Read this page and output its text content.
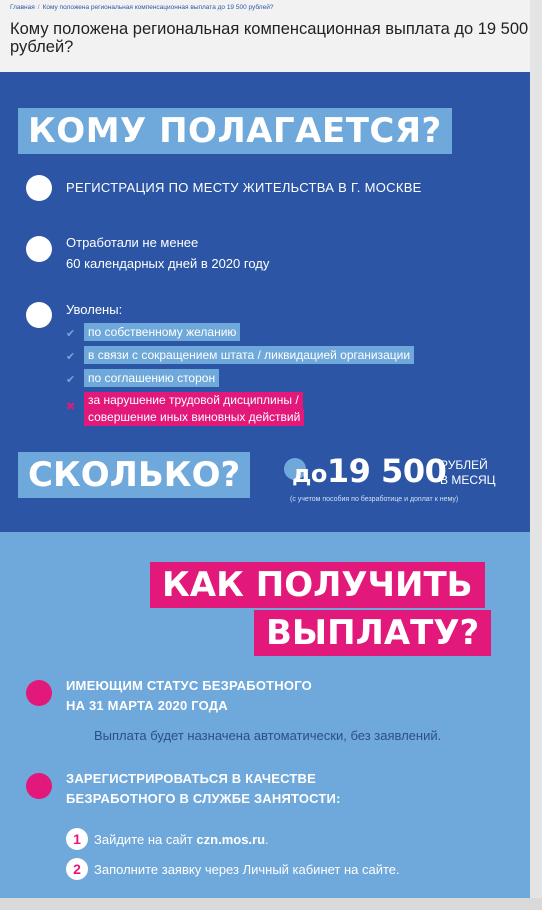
Главная / Кому положена региональная компенсационная выплата до 19 500 рублей?
Кому положена региональная компенсационная выплата до 19 500 рублей?
КОМУ ПОЛАГАЕТСЯ?
РЕГИСТРАЦИЯ ПО МЕСТУ ЖИТЕЛЬСТВА В Г. МОСКВЕ
Отработали не менее
60 календарных дней в 2020 году
Уволены:
✔	по собственному желанию
✔	в связи с сокращением штата / ликвидацией организации
✔	по соглашению сторон
✖	за нарушение трудовой дисциплины /
совершение иных виновных действий
СКОЛЬКО?	до19 500
РУБЛЕЙ
В МЕСЯЦ
(с учетом пособия по безработице и доплат к нему)
КАК ПОЛУЧИТЬ
ВЫПЛАТУ?
ИМЕЮЩИМ СТАТУС БЕЗРАБОТНОГО
НА 31 МАРТА 2020 ГОДА
Выплата будет назначена автоматически, без заявлений.
ЗАРЕГИСТРИРОВАТЬСЯ В КАЧЕСТВЕ
БЕЗРАБОТНОГО В СЛУЖБЕ ЗАНЯТОСТИ:
1	Зайдите на сайт czn.mos.ru.
2	Заполните заявку через Личный кабинет на сайте.
